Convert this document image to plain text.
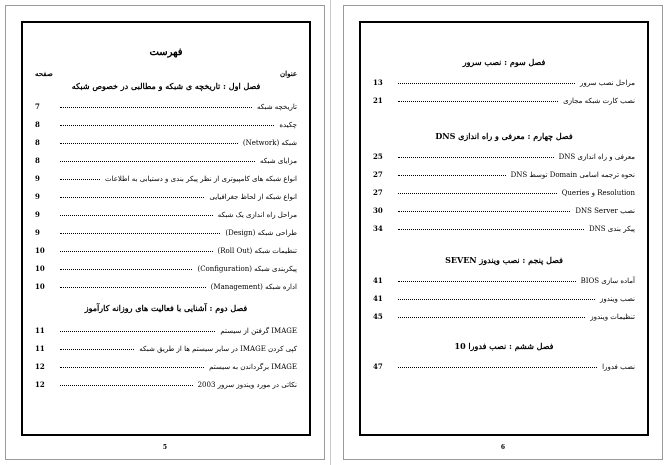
فهرست
عنوان
صفحه
فصل اول : تاريخچه ی شبکه و مطالبی در خصوص شبکه
تاريخچه شبکه
7
چکيده
8
شبکه (Network)
8
مزايای شبکه
8
انواع شبکه های کامپيوتری از نظر پيکر بندی و دستيابی به اطلاعات
9
انواع شبکه از لحاظ جغرافيايی
9
مراحل راه اندازی يک شبکه
9
طراحی شبکه (Design)
9
تنظيمات شبکه (Roll Out)
10
پيکربندی شبکه (Configuration)
10
اداره شبکه (Management)
10
فصل دوم : آشنايی با فعاليت های روزانه کارآموز
IMAGE گرفتن از سيستم
11
کپی کردن IMAGE در ساير سيستم ها از طريق شبکه
11
IMAGE برگرداندن به سيستم
12
نکاتی در مورد ويندوز سرور 2003
12
5
فصل سوم : نصب سرور
مراحل نصب سرور
13
نصب کارت شبکه مجازی
21
فصل چهارم : معرفی و راه اندازی DNS
معرفی و راه اندازی DNS
25
نحوه ترجمه اسامی Domain توسط DNS
27
Resolution و Queries
27
نصب DNS Server
30
پيکر بندی DNS
34
فصل پنجم : نصب ويندوز SEVEN
آماده سازی BIOS
41
نصب ويندوز
41
تنظيمات ويندوز
45
فصل ششم : نصب فدورا 10
نصب فدورا
47
6
